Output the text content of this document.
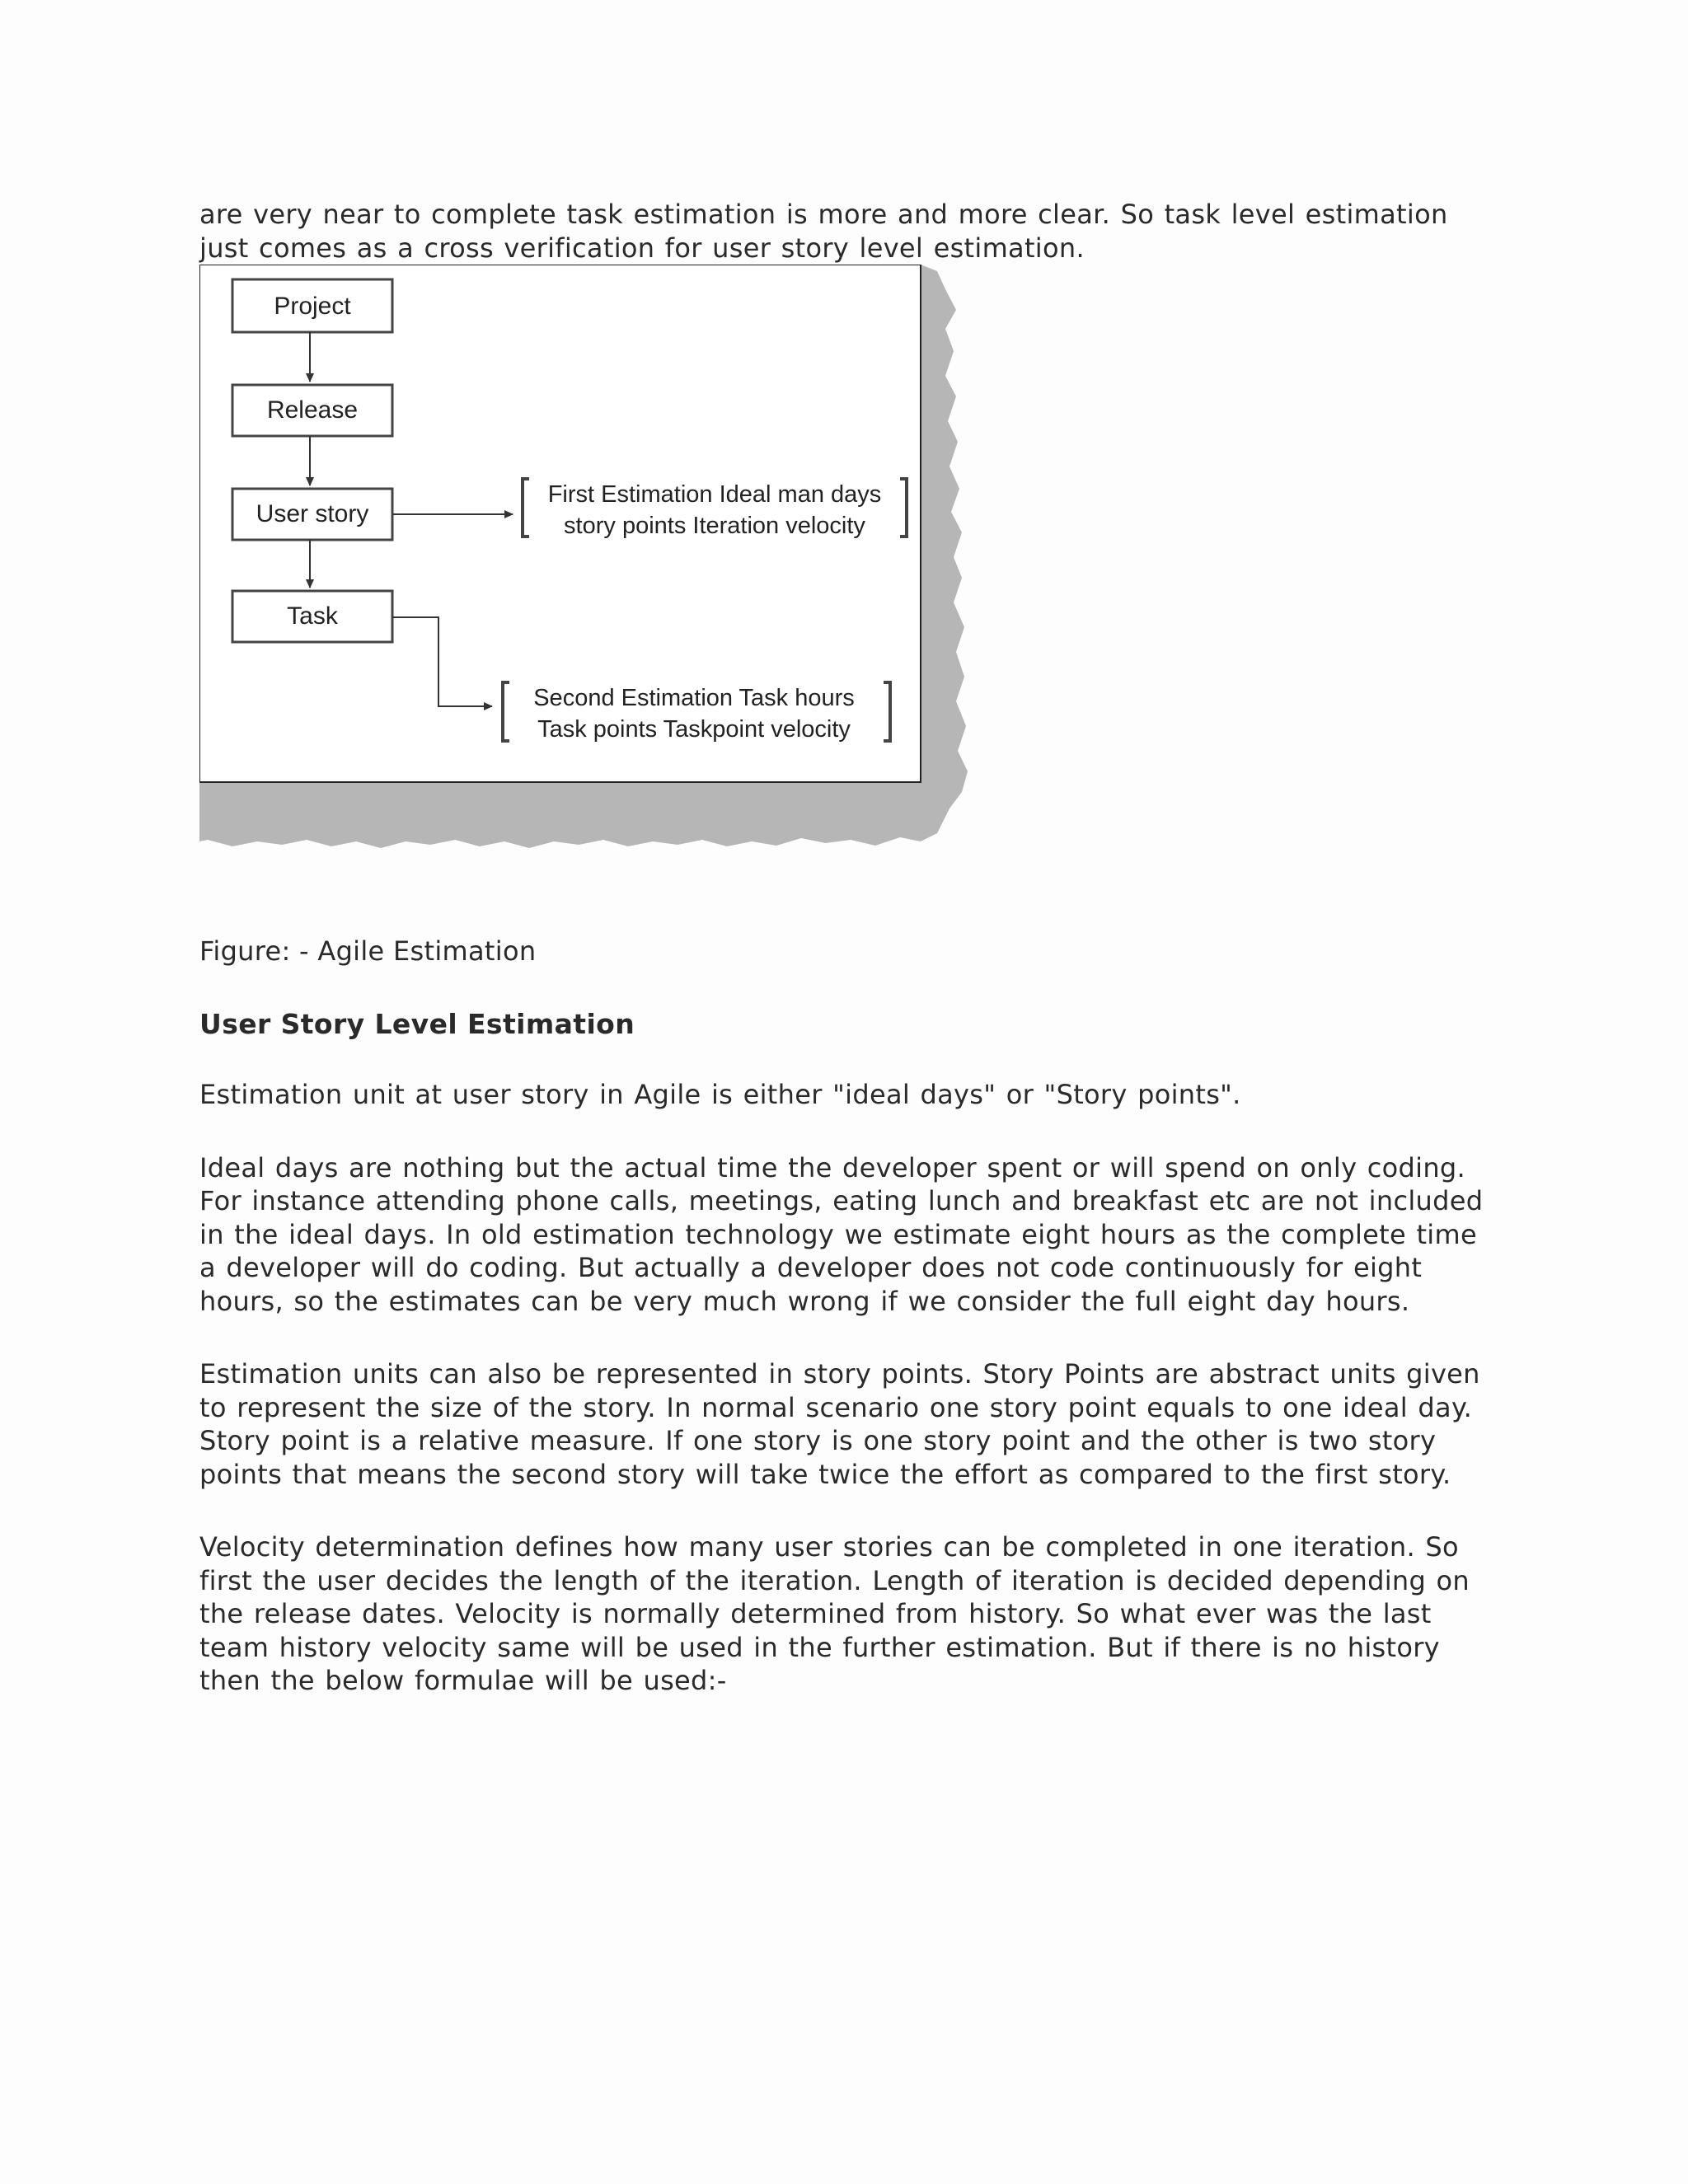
are very near to complete task estimation is more and more clear. So task level estimation just comes as a cross verification for user story level estimation.

Project
Release
User story
Task
First Estimation Ideal man days
story points Iteration velocity
Second Estimation Task hours
Task points Taskpoint velocity

Figure: - Agile Estimation

User Story Level Estimation

Estimation unit at user story in Agile is either "ideal days" or "Story points".

Ideal days are nothing but the actual time the developer spent or will spend on only coding. For instance attending phone calls, meetings, eating lunch and breakfast etc are not included in the ideal days. In old estimation technology we estimate eight hours as the complete time a developer will do coding. But actually a developer does not code continuously for eight hours, so the estimates can be very much wrong if we consider the full eight day hours.

Estimation units can also be represented in story points. Story Points are abstract units given to represent the size of the story. In normal scenario one story point equals to one ideal day. Story point is a relative measure. If one story is one story point and the other is two story points that means the second story will take twice the effort as compared to the first story.

Velocity determination defines how many user stories can be completed in one iteration. So first the user decides the length of the iteration. Length of iteration is decided depending on the release dates. Velocity is normally determined from history. So what ever was the last team history velocity same will be used in the further estimation. But if there is no history then the below formulae will be used:-
